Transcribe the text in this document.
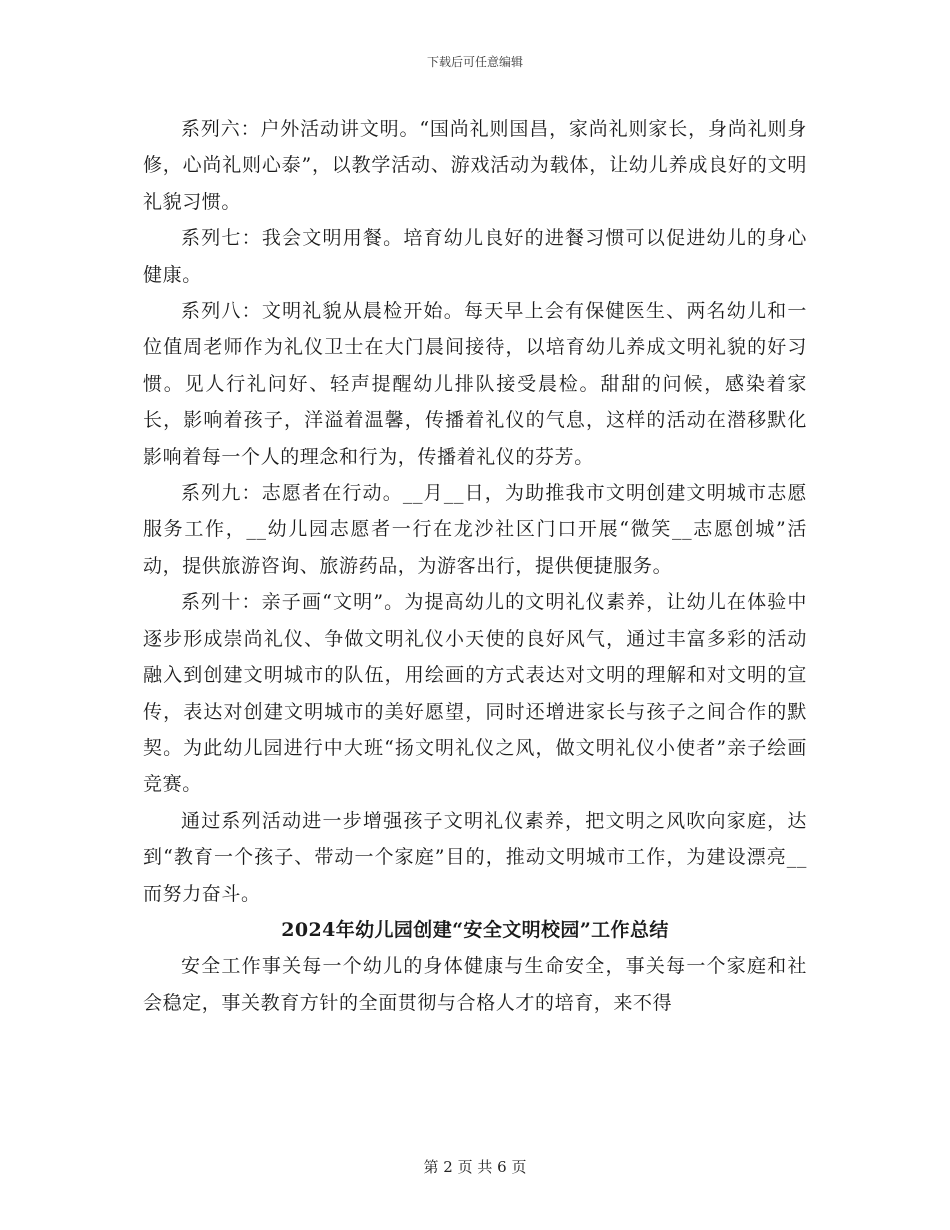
下载后可任意编辑

系列六：户外活动讲文明。“国尚礼则国昌，家尚礼则家长，身尚礼则身修，心尚礼则心泰”，以教学活动、游戏活动为载体，让幼儿养成良好的文明礼貌习惯。

系列七：我会文明用餐。培育幼儿良好的进餐习惯可以促进幼儿的身心健康。

系列八：文明礼貌从晨检开始。每天早上会有保健医生、两名幼儿和一位值周老师作为礼仪卫士在大门晨间接待，以培育幼儿养成文明礼貌的好习惯。见人行礼问好、轻声提醒幼儿排队接受晨检。甜甜的问候，感染着家长，影响着孩子，洋溢着温馨，传播着礼仪的气息，这样的活动在潜移默化影响着每一个人的理念和行为，传播着礼仪的芬芳。

系列九：志愿者在行动。__月__日，为助推我市文明创建文明城市志愿服务工作，__幼儿园志愿者一行在龙沙社区门口开展“微笑__志愿创城”活动，提供旅游咨询、旅游药品，为游客出行，提供便捷服务。

系列十：亲子画“文明”。为提高幼儿的文明礼仪素养，让幼儿在体验中逐步形成崇尚礼仪、争做文明礼仪小天使的良好风气，通过丰富多彩的活动融入到创建文明城市的队伍，用绘画的方式表达对文明的理解和对文明的宣传，表达对创建文明城市的美好愿望，同时还增进家长与孩子之间合作的默契。为此幼儿园进行中大班“扬文明礼仪之风，做文明礼仪小使者”亲子绘画竞赛。

通过系列活动进一步增强孩子文明礼仪素养，把文明之风吹向家庭，达到“教育一个孩子、带动一个家庭”目的，推动文明城市工作，为建设漂亮__而努力奋斗。

2024年幼儿园创建“安全文明校园”工作总结

安全工作事关每一个幼儿的身体健康与生命安全，事关每一个家庭和社会稳定，事关教育方针的全面贯彻与合格人才的培育，来不得

第 2 页 共 6 页
